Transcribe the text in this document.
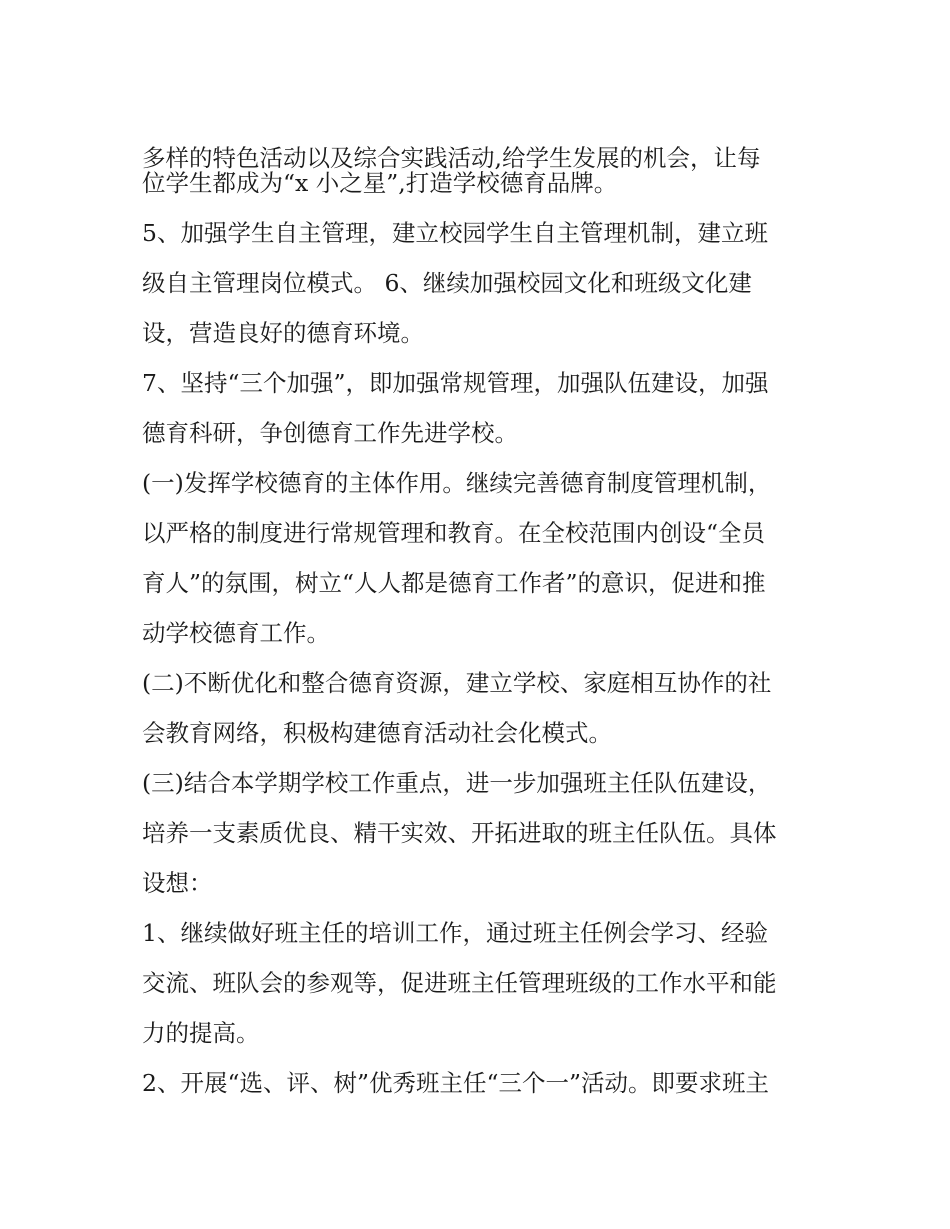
多样的特色活动以及综合实践活动,给学生发展的机会，让每

位学生都成为“x 小之星”,打造学校德育品牌。

5、加强学生自主管理，建立校园学生自主管理机制，建立班

级自主管理岗位模式。 6、继续加强校园文化和班级文化建

设，营造良好的德育环境。

7、坚持“三个加强”，即加强常规管理，加强队伍建设，加强

德育科研，争创德育工作先进学校。

(一)发挥学校德育的主体作用。继续完善德育制度管理机制，

以严格的制度进行常规管理和教育。在全校范围内创设“全员

育人”的氛围，树立“人人都是德育工作者”的意识，促进和推

动学校德育工作。

(二)不断优化和整合德育资源，建立学校、家庭相互协作的社

会教育网络，积极构建德育活动社会化模式。

(三)结合本学期学校工作重点，进一步加强班主任队伍建设，

培养一支素质优良、精干实效、开拓进取的班主任队伍。具体

设想：

1、继续做好班主任的培训工作，通过班主任例会学习、经验

交流、班队会的参观等，促进班主任管理班级的工作水平和能

力的提高。

2、开展“选、评、树”优秀班主任“三个一”活动。即要求班主
